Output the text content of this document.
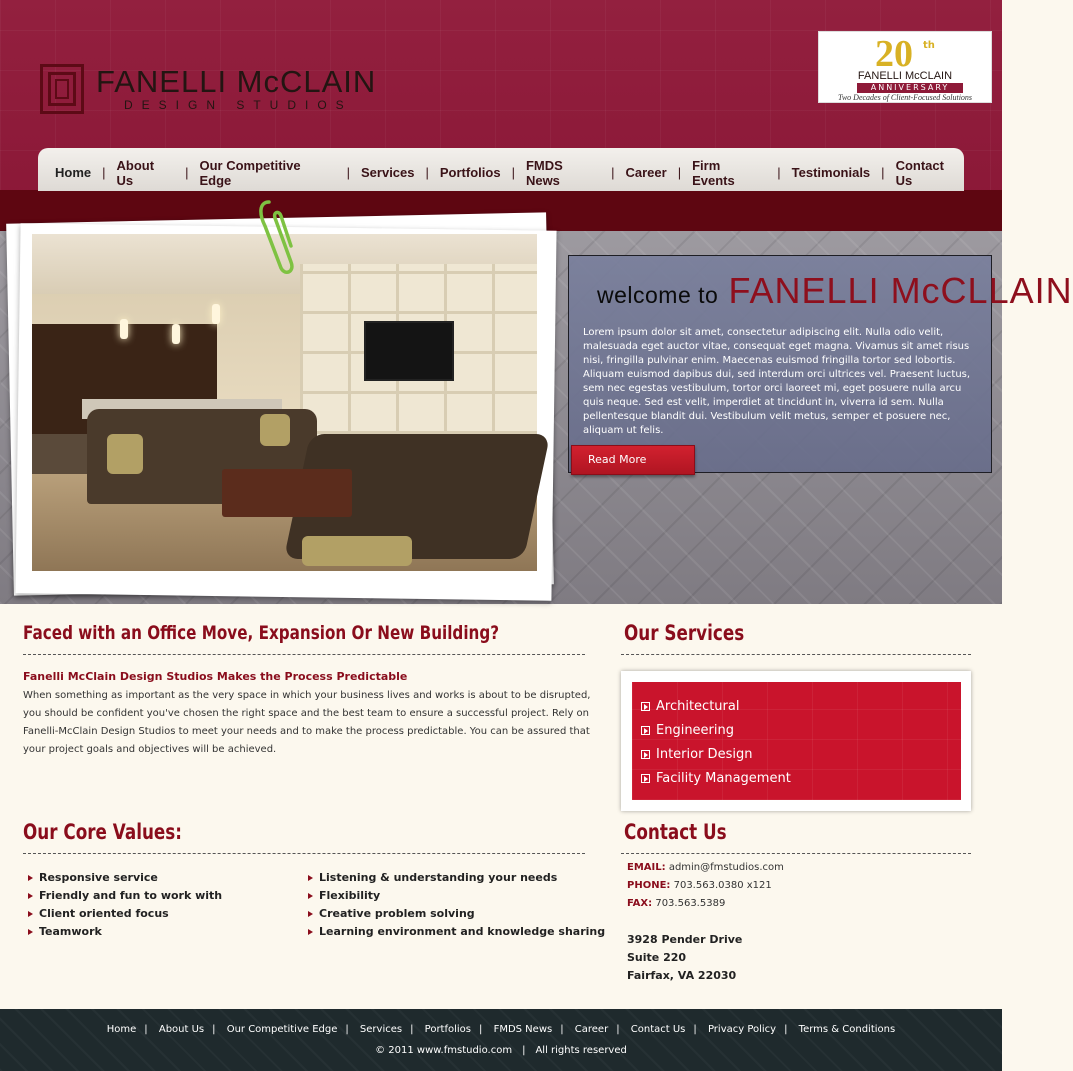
FANELLI McCLAIN
DESIGN STUDIOS
20 th
FANELLI McCLAIN
ANNIVERSARY
Two Decades of Client-Focused Solutions
Home | About Us	| Our Competitive Edge	| Services | Portfolios | FMDS News	| Career | Firm Events	| Testimonials | Contact Us
welcome to FANELLI McCLLAIN

Lorem ipsum dolor sit amet, consectetur adipiscing elit. Nulla odio velit, malesuada eget auctor vitae, consequat eget magna. Vivamus sit amet risus nisi, fringilla pulvinar enim. Maecenas euismod fringilla tortor sed lobortis. Aliquam euismod dapibus dui, sed interdum orci ultrices vel. Praesent luctus, sem nec egestas vestibulum, tortor orci laoreet mi, eget posuere nulla arcu quis neque. Sed est velit, imperdiet at tincidunt in, viverra id sem. Nulla pellentesque blandit dui. Vestibulum velit metus, semper et posuere nec, aliquam ut felis.

Read More
Faced with an Office Move, Expansion Or New Building?
Fanelli McClain Design Studios Makes the Process Predictable
When something as important as the very space in which your business lives and works is about to be disrupted, you should be confident you've chosen the right space and the best team to ensure a successful project. Rely on Fanelli-McClain Design Studios to meet your needs and to make the process predictable. You can be assured that your project goals and objectives will be achieved.
Our Core Values:
Responsive service
Friendly and fun to work with
Client oriented focus
Teamwork
Listening & understanding your needs
Flexibility
Creative problem solving
Learning environment and knowledge sharing
Our Services
Architectural
Engineering
Interior Design
Facility Management
Contact Us
EMAIL: admin@fmstudios.com
PHONE: 703.563.0380 x121
FAX: 703.563.5389
3928 Pender Drive
Suite 220
Fairfax, VA 22030
Home | About Us | Our Competitive Edge | Services | Portfolios | FMDS News | Career | Contact Us | Privacy Policy | Terms & Conditions
© 2011 www.fmstudio.com | All rights reserved
